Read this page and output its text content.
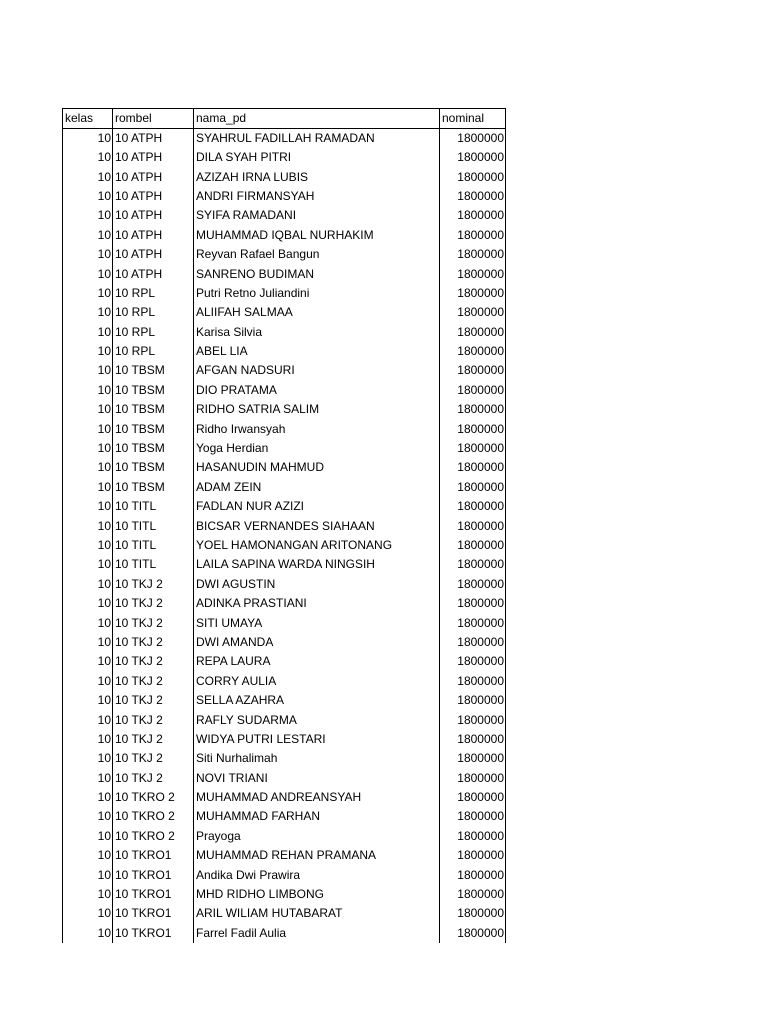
kelas	rombel	nama_pd	nominal
10	10 ATPH	SYAHRUL FADILLAH RAMADAN	1800000
10	10 ATPH	DILA SYAH PITRI	1800000
10	10 ATPH	AZIZAH IRNA LUBIS	1800000
10	10 ATPH	ANDRI FIRMANSYAH	1800000
10	10 ATPH	SYIFA RAMADANI	1800000
10	10 ATPH	MUHAMMAD IQBAL NURHAKIM	1800000
10	10 ATPH	Reyvan Rafael Bangun	1800000
10	10 ATPH	SANRENO BUDIMAN	1800000
10	10 RPL	Putri Retno Juliandini	1800000
10	10 RPL	ALIIFAH SALMAA	1800000
10	10 RPL	Karisa Silvia	1800000
10	10 RPL	ABEL LIA	1800000
10	10 TBSM	AFGAN NADSURI	1800000
10	10 TBSM	DIO PRATAMA	1800000
10	10 TBSM	RIDHO SATRIA SALIM	1800000
10	10 TBSM	Ridho Irwansyah	1800000
10	10 TBSM	Yoga Herdian	1800000
10	10 TBSM	HASANUDIN MAHMUD	1800000
10	10 TBSM	ADAM ZEIN	1800000
10	10 TITL	FADLAN NUR AZIZI	1800000
10	10 TITL	BICSAR VERNANDES SIAHAAN	1800000
10	10 TITL	YOEL HAMONANGAN ARITONANG	1800000
10	10 TITL	LAILA SAPINA WARDA NINGSIH	1800000
10	10 TKJ 2	DWI AGUSTIN	1800000
10	10 TKJ 2	ADINKA PRASTIANI	1800000
10	10 TKJ 2	SITI UMAYA	1800000
10	10 TKJ 2	DWI AMANDA	1800000
10	10 TKJ 2	REPA LAURA	1800000
10	10 TKJ 2	CORRY AULIA	1800000
10	10 TKJ 2	SELLA AZAHRA	1800000
10	10 TKJ 2	RAFLY SUDARMA	1800000
10	10 TKJ 2	WIDYA PUTRI LESTARI	1800000
10	10 TKJ 2	Siti Nurhalimah	1800000
10	10 TKJ 2	NOVI TRIANI	1800000
10	10 TKRO 2	MUHAMMAD ANDREANSYAH	1800000
10	10 TKRO 2	MUHAMMAD FARHAN	1800000
10	10 TKRO 2	Prayoga	1800000
10	10 TKRO1	MUHAMMAD REHAN PRAMANA	1800000
10	10 TKRO1	Andika Dwi Prawira	1800000
10	10 TKRO1	MHD RIDHO LIMBONG	1800000
10	10 TKRO1	ARIL WILIAM HUTABARAT	1800000
10	10 TKRO1	Farrel Fadil Aulia	1800000
